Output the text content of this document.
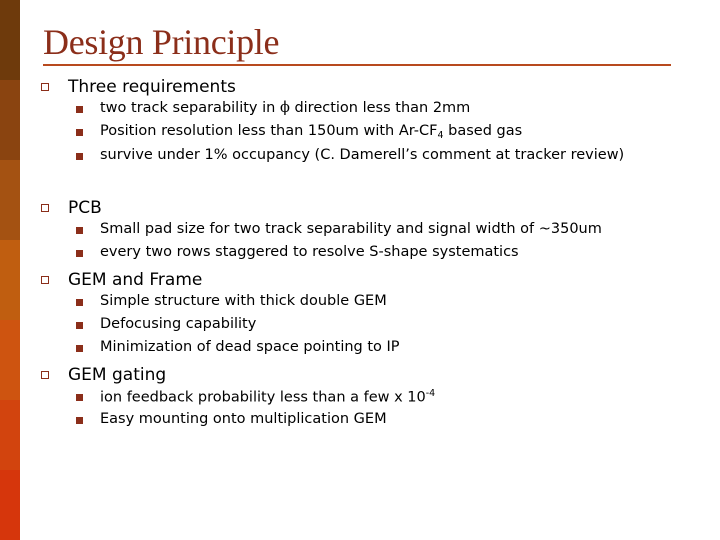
Design Principle
Three requirements
two track separability in ϕ direction less than 2mm
Position resolution less than 150um with $Ar-CF_4$ based gas
survive under 1% occupancy (C. Damerell’s comment at tracker review)
PCB
Small pad size for two track separability and signal width of ~350um
every two rows staggered to resolve S-shape systematics
GEM and Frame
Simple structure with thick double GEM
Defocusing capability
Minimization of dead space pointing to IP
GEM gating
ion feedback probability less than a few x $10^{-4}$
Easy mounting onto multiplication GEM
